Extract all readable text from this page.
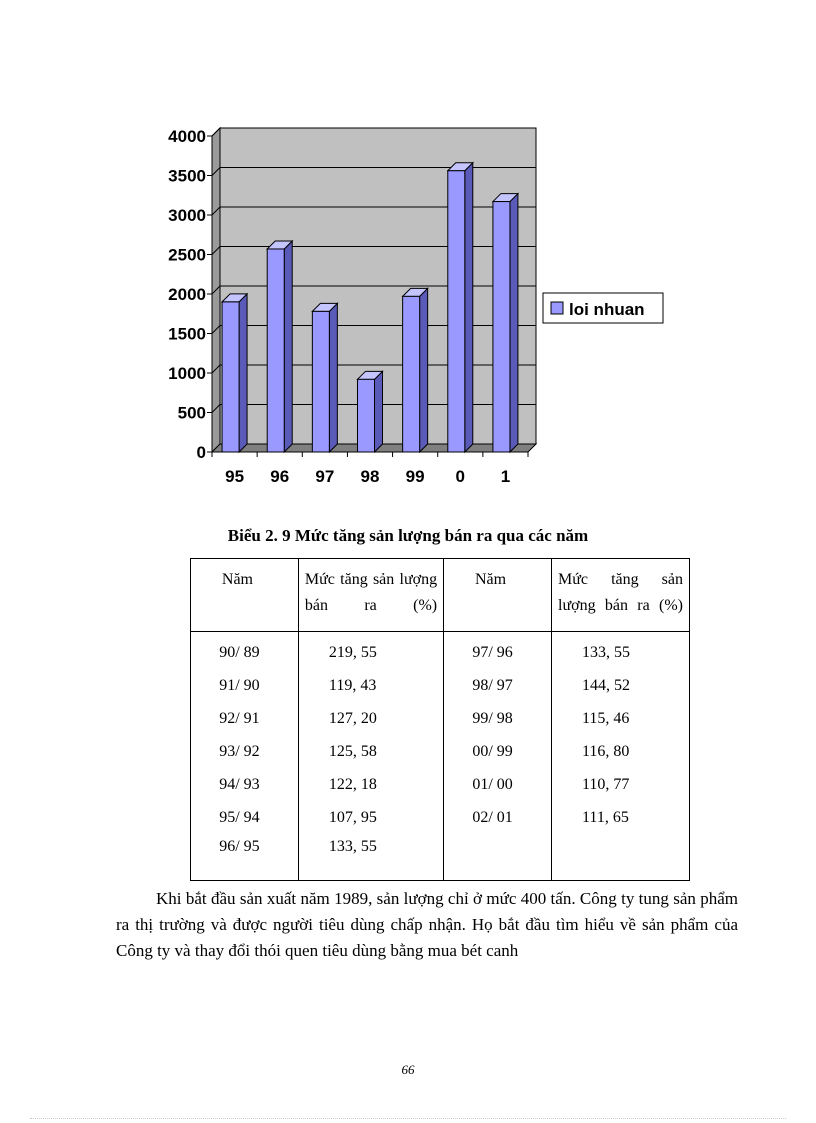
0
500
1000
1500
2000
2500
3000
3500
4000
95 96 97 98 99 0 1
loi nhuan
Biểu 2. 9 Mức tăng sản lượng bán ra qua các năm
Năm	Mức tăng sản lượng bán ra (%)	Năm	Mức tăng sản lượng bán ra (%)
90/ 89	219, 55	97/ 96	133, 55
91/ 90	119, 43	98/ 97	144, 52
92/ 91	127, 20	99/ 98	115, 46
93/ 92	125, 58	00/ 99	116, 80
94/ 93	122, 18	01/ 00	110, 77
95/ 94	107, 95	02/ 01	111, 65
96/ 95	133, 55		

Khi bắt đầu sản xuất năm 1989, sản lượng chỉ ở mức 400 tấn. Công ty tung sản phẩm ra thị trường và được người tiêu dùng chấp nhận. Họ bắt đầu tìm hiểu về sản phẩm của Công ty và thay đổi thói quen tiêu dùng bằng mua bét canh

66
